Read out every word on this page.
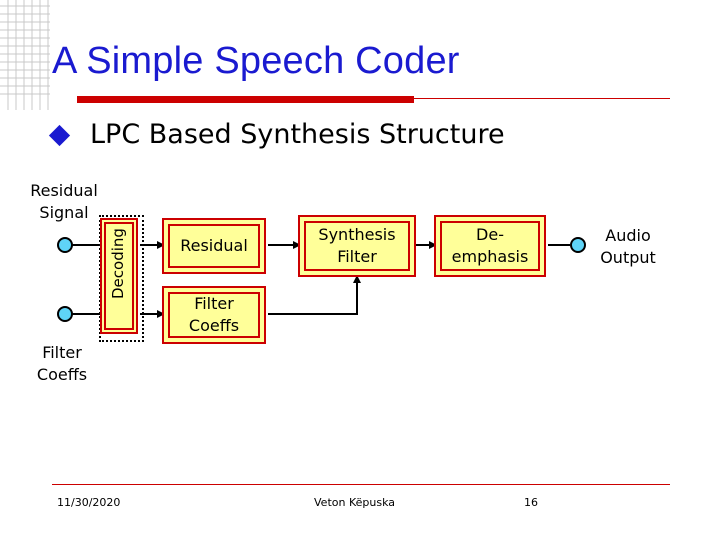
A Simple Speech Coder
LPC Based Synthesis Structure
Residual Signal
Filter Coeffs
Decoding	Residual
Filter Coeffs
Synthesis Filter
De-emphasis
Audio Output
11/30/2020	Veton Këpuska	16
